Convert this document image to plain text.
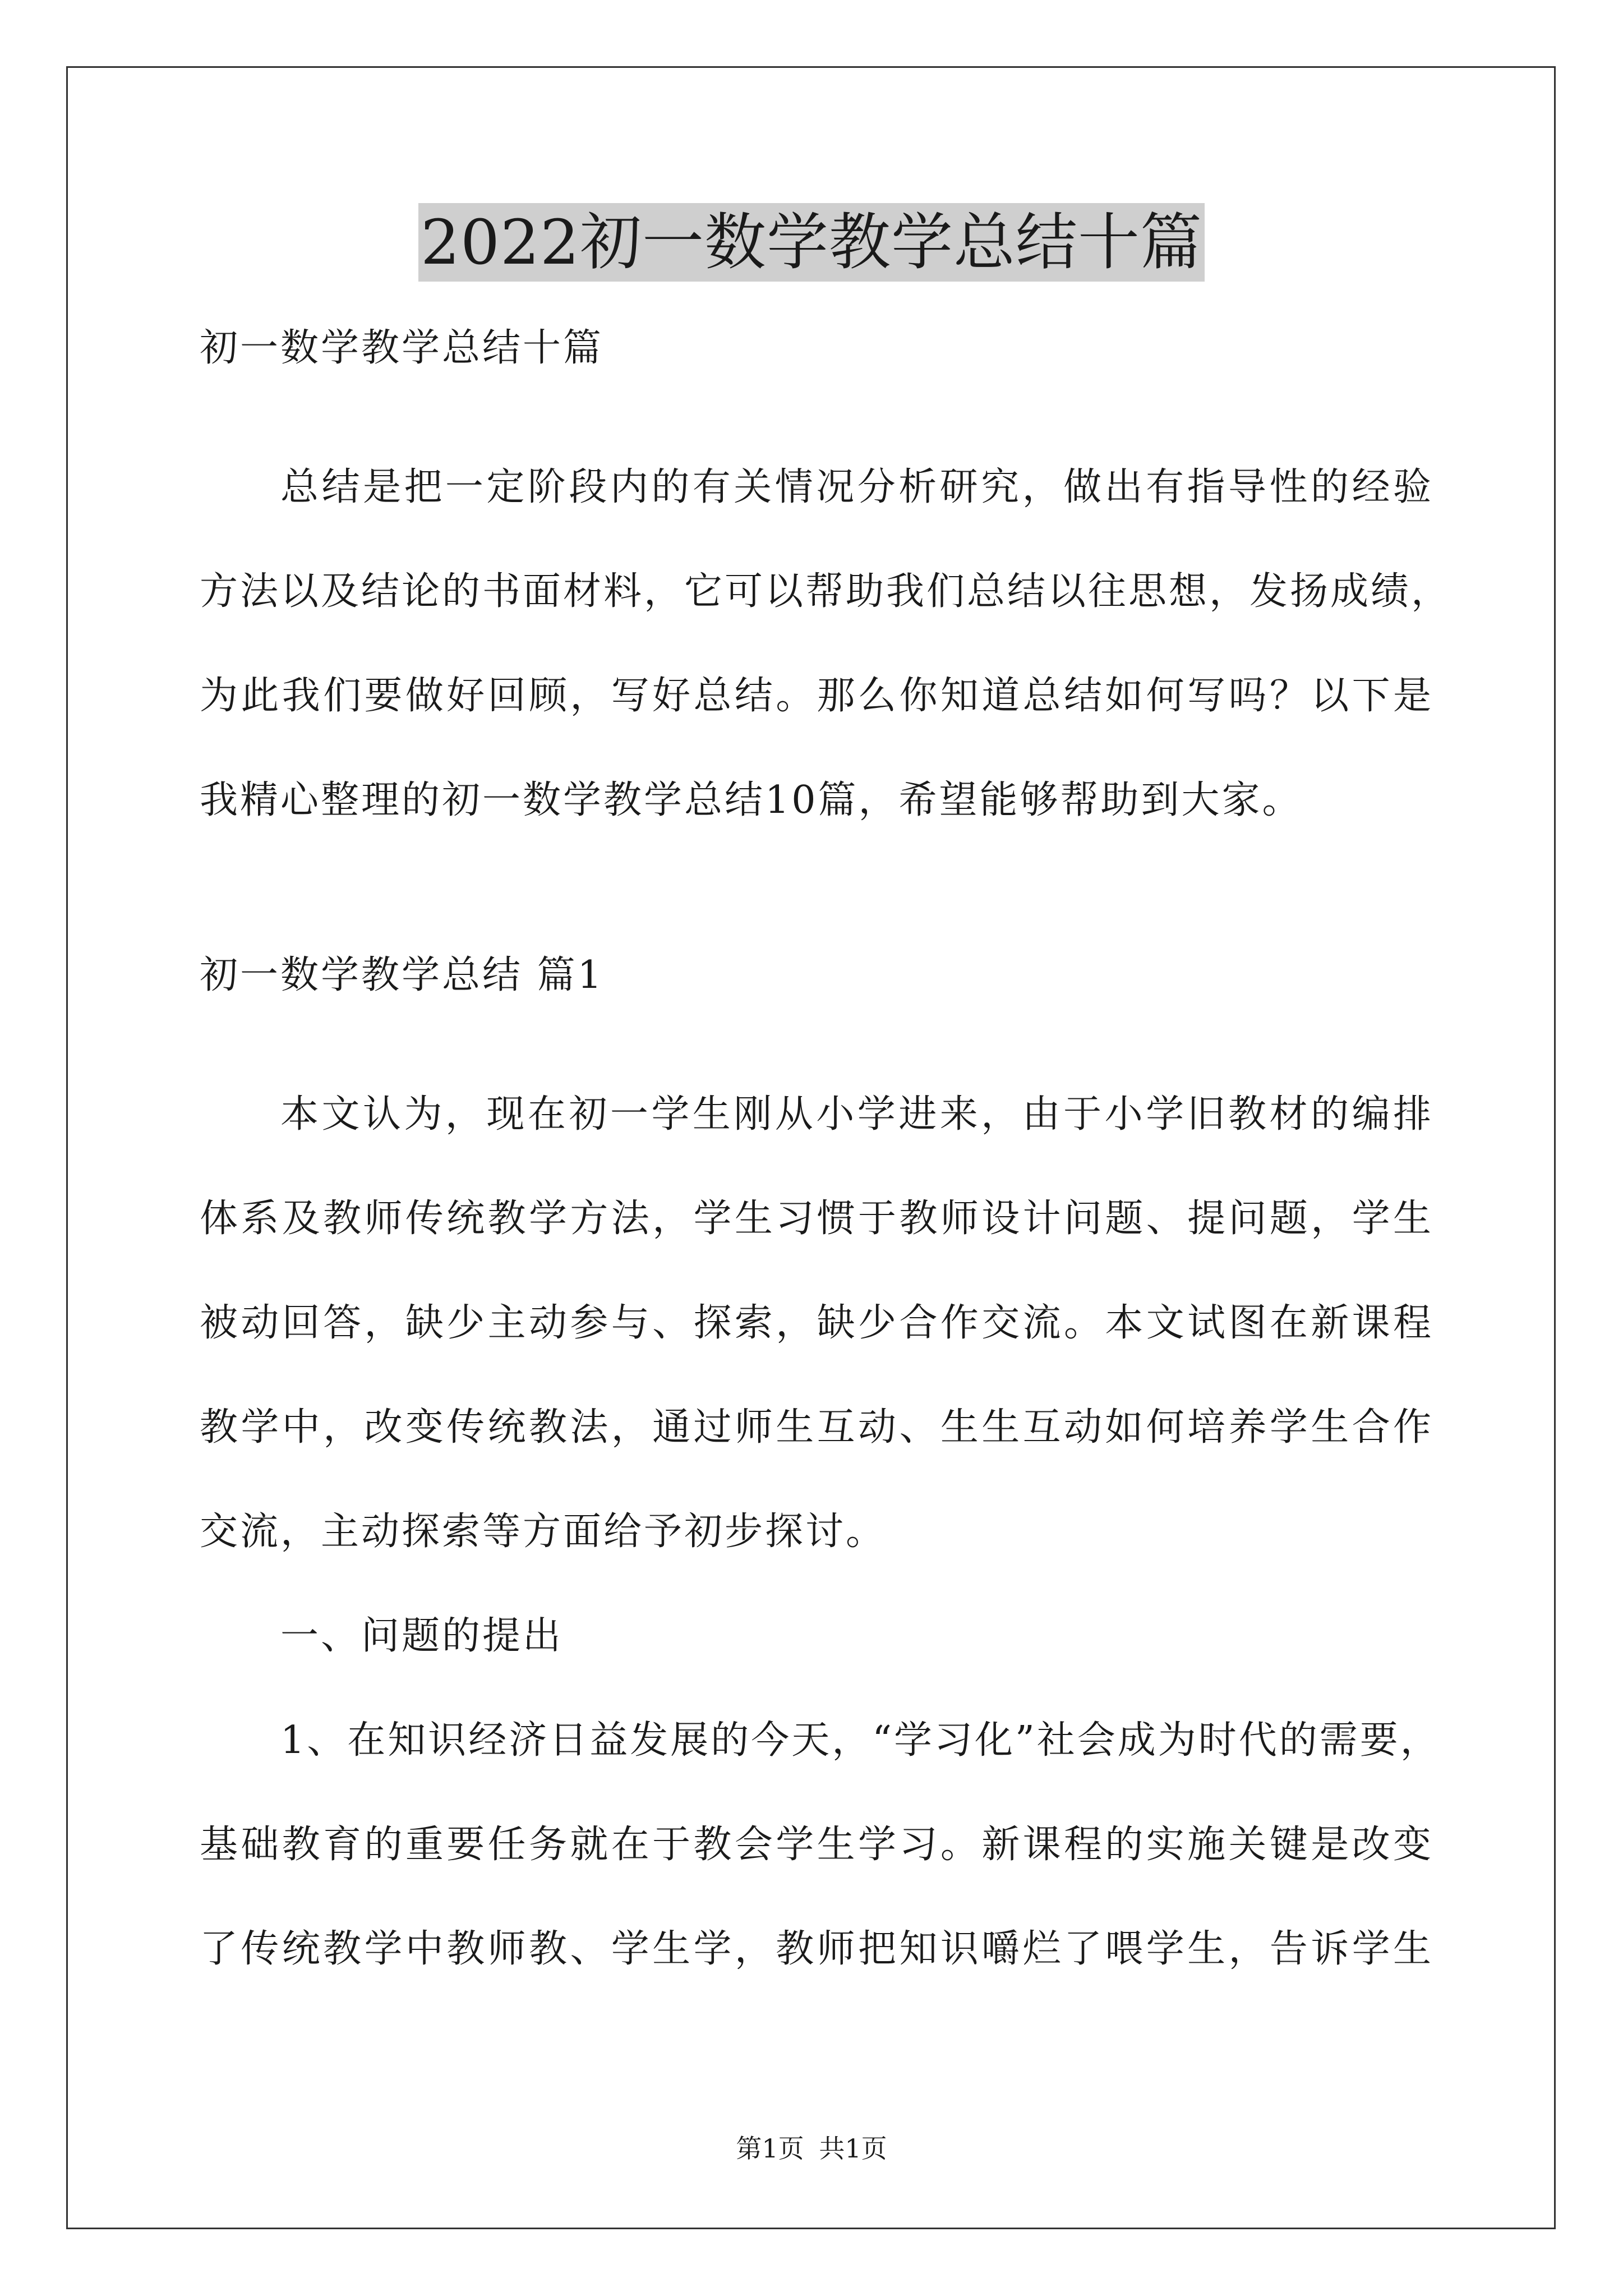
2022初一数学教学总结十篇
初一数学教学总结十篇
总结是把一定阶段内的有关情况分析研究，做出有指导性的经验
方法以及结论的书面材料，它可以帮助我们总结以往思想，发扬成绩，
为此我们要做好回顾，写好总结。那么你知道总结如何写吗？以下是
我精心整理的初一数学教学总结10篇，希望能够帮助到大家。
初一数学教学总结 篇1
本文认为，现在初一学生刚从小学进来，由于小学旧教材的编排
体系及教师传统教学方法，学生习惯于教师设计问题、提问题，学生
被动回答，缺少主动参与、探索，缺少合作交流。本文试图在新课程
教学中，改变传统教法，通过师生互动、生生互动如何培养学生合作
交流，主动探索等方面给予初步探讨。
一、问题的提出
1、在知识经济日益发展的今天，“学习化”社会成为时代的需要，
基础教育的重要任务就在于教会学生学习。新课程的实施关键是改变
了传统教学中教师教、学生学，教师把知识嚼烂了喂学生，告诉学生
第1页 共1页
